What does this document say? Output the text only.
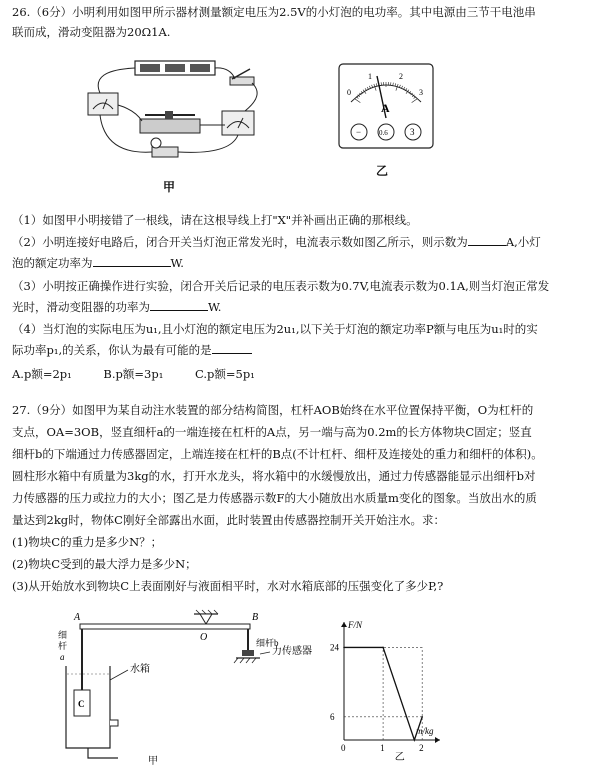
26.（6分）小明利用如图甲所示器材测量额定电压为2.5V的小灯泡的电功率。其中电源由三节干电池串
联而成，滑动变阻器为20Ω1A.
甲
0
1	2
3
A
−	0.6 3
乙
（1）如图甲小明接错了一根线，请在这根导线上打"X"并补画出正确的那根线。
（2）小明连接好电路后，闭合开关当灯泡正常发光时，电流表示数如图乙所示，则示数为	A,小灯
泡的额定功率为	W.
（3）小明按正确操作进行实验，闭合开关后记录的电压表示数为0.7V,电流表示数为0.1A,则当灯泡正常发
光时，滑动变阻器的功率为	W.
（4）当灯泡的实际电压为u₁,且小灯泡的额定电压为2u₁,以下关于灯泡的额定功率P额与电压为u₁时的实
际功率p₁,的关系，你认为最有可能的是
A.p额=2p₁	B.p额=3p₁	C.p额=5p₁
27.（9分）如图甲为某自动注水装置的部分结构简图，杠杆AOB始终在水平位置保持平衡，O为杠杆的
支点，OA=3OB，竖直细杆a的一端连接在杠杆的A点，另一端与高为0.2m的长方体物块C固定；竖直
细杆b的下端通过力传感器固定，上端连接在杠杆的B点(不计杠杆、细杆及连接处的重力和细杆的体积)。
圆柱形水箱中有质量为3kg的水，打开水龙头，将水箱中的水缓慢放出，通过力传感器能显示出细杆b对
力传感器的压力或拉力的大小；图乙是力传感器示数F的大小随放出水质量m变化的图象。当放出水的质
量达到2kg时，物体C刚好全部露出水面，此时装置由传感器控制开关开始注水。求：
(1)物块C的重力是多少N？；
(2)物块C受到的最大浮力是多少N；
(3)从开始放水到物块C上表面刚好与液面相平时，水对水箱底部的压强变化了多少P,?
A	B
O
细
杆
a
C
水箱
细杆b
力传感器
甲
F/N
m/kg
0	1	2
6
24
乙
